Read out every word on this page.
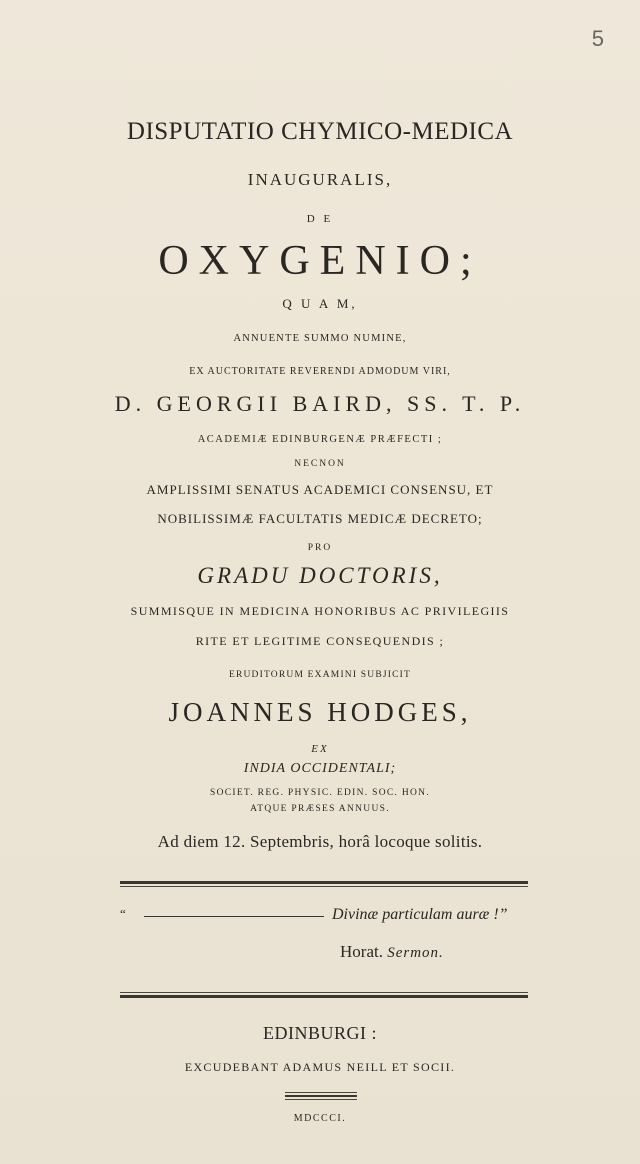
5
DISPUTATIO CHYMICO-MEDICA
INAUGURALIS,
D E
OXYGENIO;
Q U A M,
ANNUENTE SUMMO NUMINE,
EX AUCTORITATE REVERENDI ADMODUM VIRI,
D. GEORGII BAIRD, SS. T. P.
ACADEMIÆ EDINBURGENÆ PRÆFECTI ;
NECNON
AMPLISSIMI SENATUS ACADEMICI CONSENSU, ET
NOBILISSIMÆ FACULTATIS MEDICÆ DECRETO;
PRO
GRADU DOCTORIS,
SUMMISQUE IN MEDICINA HONORIBUS AC PRIVILEGIIS
RITE ET LEGITIME CONSEQUENDIS ;
ERUDITORUM EXAMINI SUBJICIT
JOANNES HODGES,
EX
INDIA OCCIDENTALI;
SOCIET. REG. PHYSIC. EDIN. SOC. HON.
ATQUE PRÆSES ANNUUS.
Ad diem 12. Septembris, horâ locoque solitis.
“	Divinæ particulam auræ !”
Horat. Sermon.
EDINBURGI :
EXCUDEBANT ADAMUS NEILL ET SOCII.
MDCCCI.
